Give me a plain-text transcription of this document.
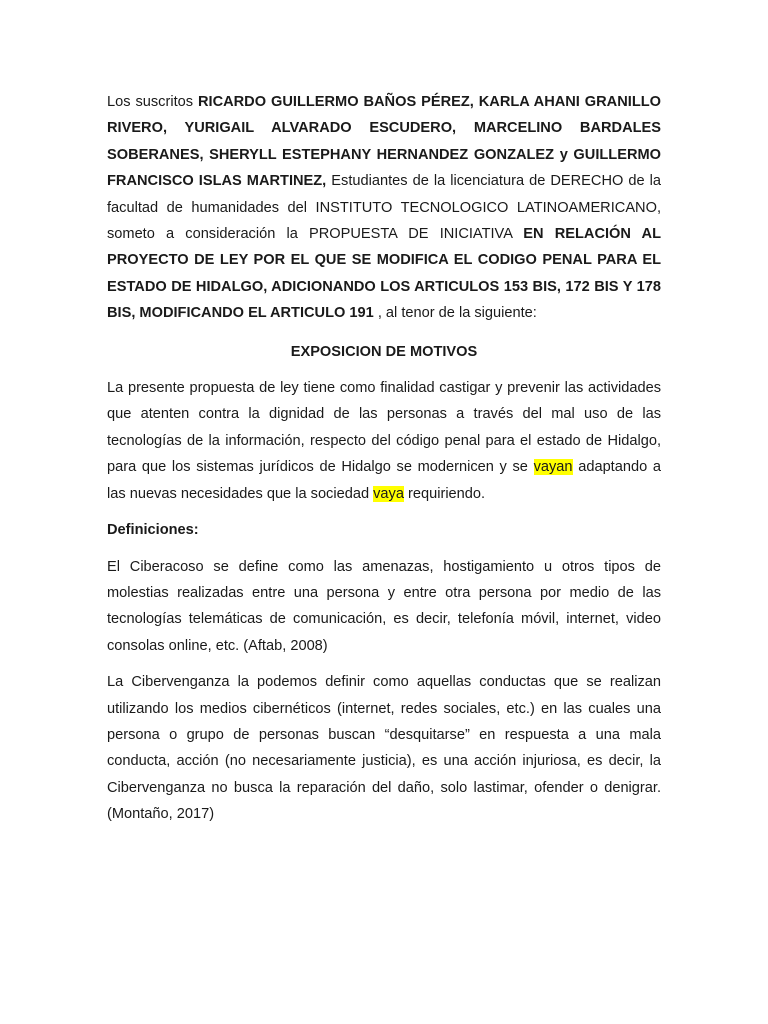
Los suscritos RICARDO GUILLERMO BAÑOS PÉREZ, KARLA AHANI GRANILLO RIVERO, YURIGAIL ALVARADO ESCUDERO, MARCELINO BARDALES SOBERANES, SHERYLL ESTEPHANY HERNANDEZ GONZALEZ y GUILLERMO FRANCISCO ISLAS MARTINEZ, Estudiantes de la licenciatura de DERECHO de la facultad de humanidades del INSTITUTO TECNOLOGICO LATINOAMERICANO, someto a consideración la PROPUESTA DE INICIATIVA EN RELACIÓN AL PROYECTO DE LEY POR EL QUE SE MODIFICA EL CODIGO PENAL PARA EL ESTADO DE HIDALGO, ADICIONANDO LOS ARTICULOS 153 BIS, 172 BIS Y 178 BIS, MODIFICANDO EL ARTICULO 191 , al tenor de la siguiente:

EXPOSICION DE MOTIVOS

La presente propuesta de ley tiene como finalidad castigar y prevenir las actividades que atenten contra la dignidad de las personas a través del mal uso de las tecnologías de la información, respecto del código penal para el estado de Hidalgo, para que los sistemas jurídicos de Hidalgo se modernicen y se vayan adaptando a las nuevas necesidades que la sociedad vaya requiriendo.

Definiciones:

El Ciberacoso se define como las amenazas, hostigamiento u otros tipos de molestias realizadas entre una persona y entre otra persona por medio de las tecnologías telemáticas de comunicación, es decir, telefonía móvil, internet, video consolas online, etc. (Aftab, 2008)

La Cibervenganza la podemos definir como aquellas conductas que se realizan utilizando los medios cibernéticos (internet, redes sociales, etc.) en las cuales una persona o grupo de personas buscan “desquitarse” en respuesta a una mala conducta, acción (no necesariamente justicia), es una acción injuriosa, es decir, la Cibervenganza no busca la reparación del daño, solo lastimar, ofender o denigrar. (Montaño, 2017)
